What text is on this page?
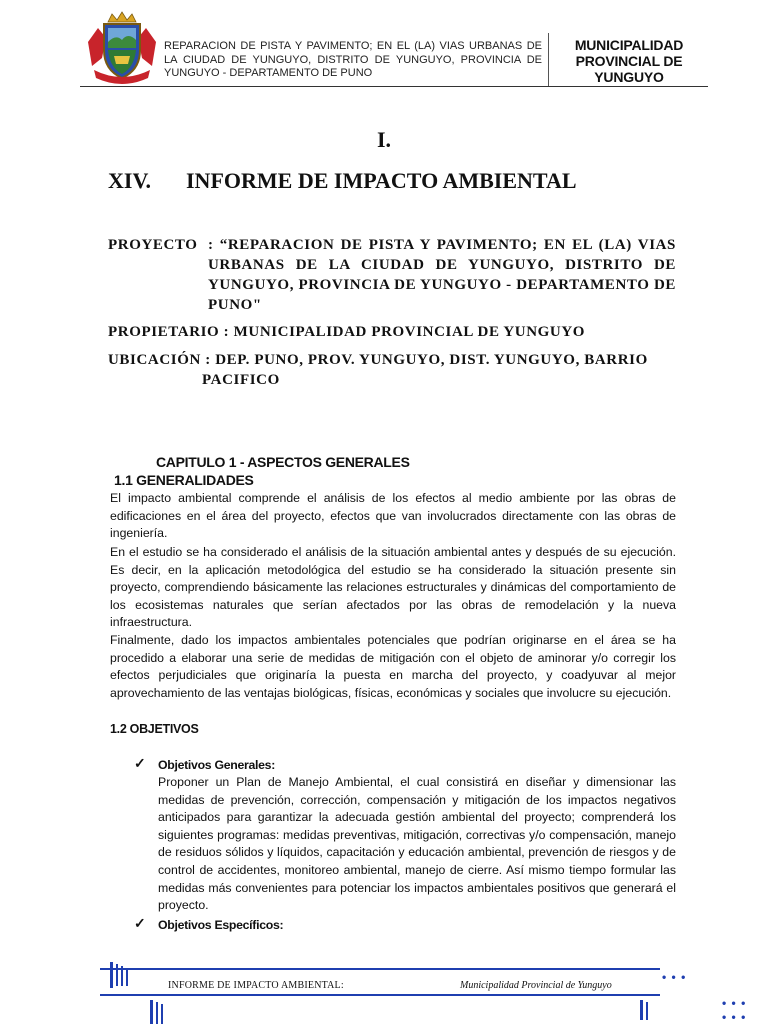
REPARACION DE PISTA Y PAVIMENTO; EN EL (LA) VIAS URBANAS DE LA CIUDAD DE YUNGUYO, DISTRITO DE YUNGUYO, PROVINCIA DE YUNGUYO - DEPARTAMENTO DE PUNO
MUNICIPALIDAD
PROVINCIAL DE
YUNGUYO
I.
XIV. INFORME DE IMPACTO AMBIENTAL
PROYECTO : “REPARACION DE PISTA Y PAVIMENTO; EN EL (LA) VIAS URBANAS DE LA CIUDAD DE YUNGUYO, DISTRITO DE YUNGUYO, PROVINCIA DE YUNGUYO - DEPARTAMENTO DE PUNO"
PROPIETARIO : MUNICIPALIDAD PROVINCIAL DE YUNGUYO
UBICACIÓN : DEP. PUNO, PROV. YUNGUYO, DIST. YUNGUYO, BARRIO
PACIFICO
CAPITULO 1 - ASPECTOS GENERALES
1.1 GENERALIDADES
El impacto ambiental comprende el análisis de los efectos al medio ambiente por las obras de edificaciones en el área del proyecto, efectos que van involucrados directamente con las obras de ingeniería.
En el estudio se ha considerado el análisis de la situación ambiental antes y después de su ejecución. Es decir, en la aplicación metodológica del estudio se ha considerado la situación presente sin proyecto, comprendiendo básicamente las relaciones estructurales y dinámicas del comportamiento de los ecosistemas naturales que serían afectados por las obras de remodelación y la nueva infraestructura.
Finalmente, dado los impactos ambientales potenciales que podrían originarse en el área se ha procedido a elaborar una serie de medidas de mitigación con el objeto de aminorar y/o corregir los efectos perjudiciales que originaría la puesta en marcha del proyecto, y coadyuvar al mejor aprovechamiento de las ventajas biológicas, físicas, económicas y sociales que involucre su ejecución.
1.2 OBJETIVOS
✓ Objetivos Generales:
Proponer un Plan de Manejo Ambiental, el cual consistirá en diseñar y dimensionar las medidas de prevención, corrección, compensación y mitigación de los impactos negativos anticipados para garantizar la adecuada gestión ambiental del proyecto; comprenderá los siguientes programas: medidas preventivas, mitigación, correctivas y/o compensación, manejo de residuos sólidos y líquidos, capacitación y educación ambiental, prevención de riesgos y de control de accidentes, monitoreo ambiental, manejo de cierre. Así mismo tiempo formular las medidas más convenientes para potenciar los impactos ambientales positivos que generará el proyecto.
✓ Objetivos Específicos:
• • •
• • •
• • •
INFORME DE IMPACTO AMBIENTAL:	Municipalidad Provincial de Yunguyo
